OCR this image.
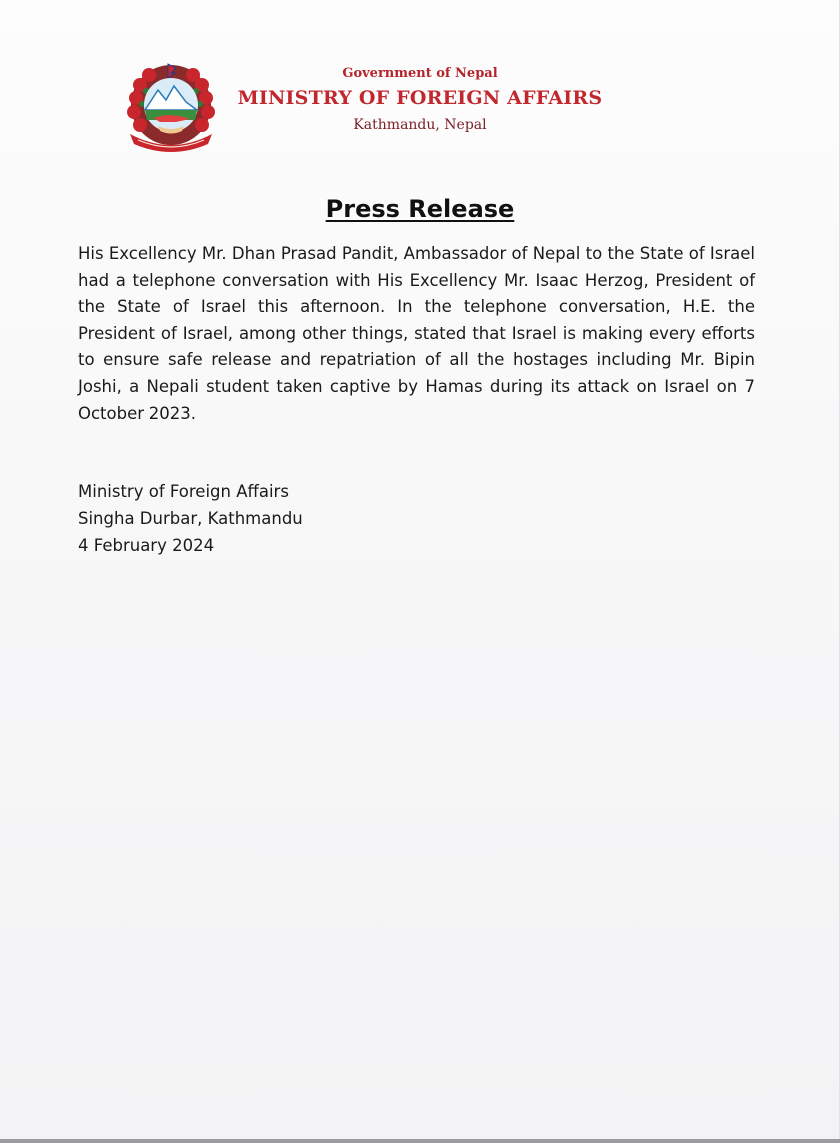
Government of Nepal
MINISTRY OF FOREIGN AFFAIRS
Kathmandu, Nepal
Press Release
His Excellency Mr. Dhan Prasad Pandit, Ambassador of Nepal to the State of Israel had a telephone conversation with His Excellency Mr. Isaac Herzog, President of the State of Israel this afternoon. In the telephone conversation, H.E. the President of Israel, among other things, stated that Israel is making every efforts to ensure safe release and repatriation of all the hostages including Mr. Bipin Joshi, a Nepali student taken captive by Hamas during its attack on Israel on 7 October 2023.
Ministry of Foreign Affairs
Singha Durbar, Kathmandu
4 February 2024
